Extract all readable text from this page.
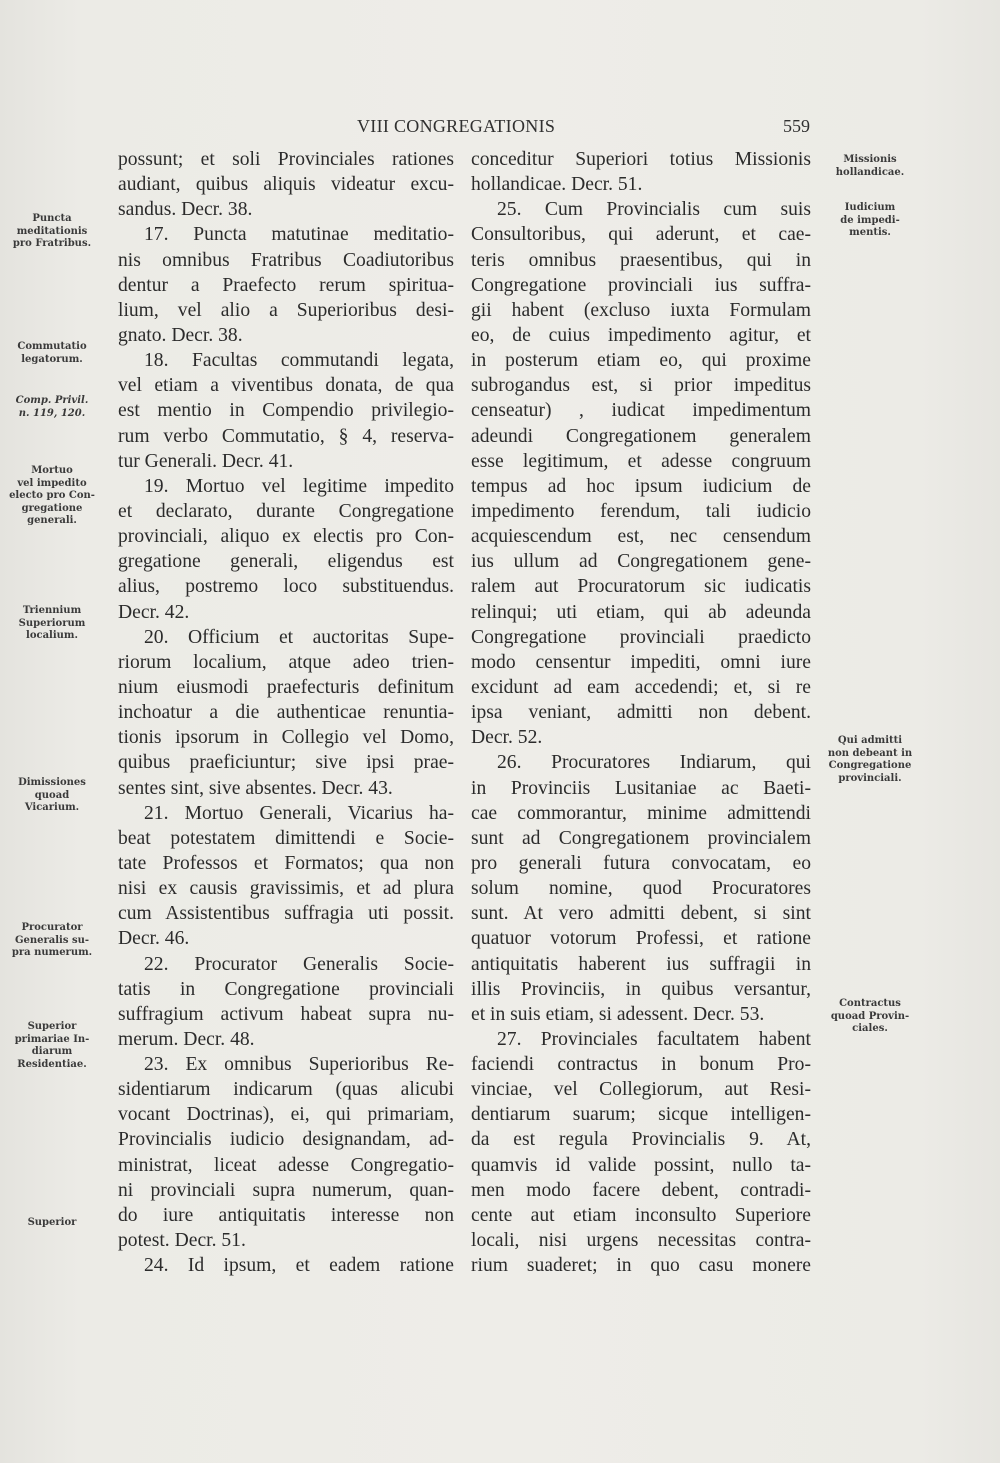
VIII CONGREGATIONIS	559
possunt; et soli Provinciales rationes
audiant, quibus aliquis videatur excu-
sandus. Decr. 38.
17. Puncta matutinae meditatio-
nis omnibus Fratribus Coadiutoribus
dentur a Praefecto rerum spiritua-
lium, vel alio a Superioribus desi-
gnato. Decr. 38.
18. Facultas commutandi legata,
vel etiam a viventibus donata, de qua
est mentio in Compendio privilegio-
rum verbo Commutatio, § 4, reserva-
tur Generali. Decr. 41.
19. Mortuo vel legitime impedito
et declarato, durante Congregatione
provinciali, aliquo ex electis pro Con-
gregatione generali, eligendus est
alius, postremo loco substituendus.
Decr. 42.
20. Officium et auctoritas Supe-
riorum localium, atque adeo trien-
nium eiusmodi praefecturis definitum
inchoatur a die authenticae renuntia-
tionis ipsorum in Collegio vel Domo,
quibus praeficiuntur; sive ipsi prae-
sentes sint, sive absentes. Decr. 43.
21. Mortuo Generali, Vicarius ha-
beat potestatem dimittendi e Socie-
tate Professos et Formatos; qua non
nisi ex causis gravissimis, et ad plura
cum Assistentibus suffragia uti possit.
Decr. 46.
22. Procurator Generalis Socie-
tatis in Congregatione provinciali
suffragium activum habeat supra nu-
merum. Decr. 48.
23. Ex omnibus Superioribus Re-
sidentiarum indicarum (quas alicubi
vocant Doctrinas), ei, qui primariam,
Provincialis iudicio designandam, ad-
ministrat, liceat adesse Congregatio-
ni provinciali supra numerum, quan-
do iure antiquitatis interesse non
potest. Decr. 51.
24. Id ipsum, et eadem ratione
conceditur Superiori totius Missionis
hollandicae. Decr. 51.
25. Cum Provincialis cum suis
Consultoribus, qui aderunt, et cae-
teris omnibus praesentibus, qui in
Congregatione provinciali ius suffra-
gii habent (excluso iuxta Formulam
eo, de cuius impedimento agitur, et
in posterum etiam eo, qui proxime
subrogandus est, si prior impeditus
censeatur) , iudicat impedimentum
adeundi Congregationem generalem
esse legitimum, et adesse congruum
tempus ad hoc ipsum iudicium de
impedimento ferendum, tali iudicio
acquiescendum est, nec censendum
ius ullum ad Congregationem gene-
ralem aut Procuratorum sic iudicatis
relinqui; uti etiam, qui ab adeunda
Congregatione provinciali praedicto
modo censentur impediti, omni iure
excidunt ad eam accedendi; et, si re
ipsa veniant, admitti non debent.
Decr. 52.
26. Procuratores Indiarum, qui
in Provinciis Lusitaniae ac Baeti-
cae commorantur, minime admittendi
sunt ad Congregationem provincialem
pro generali futura convocatam, eo
solum nomine, quod Procuratores
sunt. At vero admitti debent, si sint
quatuor votorum Professi, et ratione
antiquitatis haberent ius suffragii in
illis Provinciis, in quibus versantur,
et in suis etiam, si adessent. Decr. 53.
27. Provinciales facultatem habent
faciendi contractus in bonum Pro-
vinciae, vel Collegiorum, aut Resi-
dentiarum suarum; sicque intelligen-
da est regula Provincialis 9. At,
quamvis id valide possint, nullo ta-
men modo facere debent, contradi-
cente aut etiam inconsulto Superiore
locali, nisi urgens necessitas contra-
rium suaderet; in quo casu monere
Puncta
meditationis
pro Fratribus.
Commutatio
legatorum.
Comp. Privil.
n. 119, 120.
Mortuo
vel impedito
electo pro Con-
gregatione
generali.
Triennium
Superiorum
localium.
Dimissiones
quoad
Vicarium.
Procurator
Generalis su-
pra numerum.
Superior
primariae In-
diarum
Residentiae.
Superior
Missionis
hollandicae.
Iudicium
de impedi-
mentis.
Qui admitti
non debeant in
Congregatione
provinciali.
Contractus
quoad Provin-
ciales.
